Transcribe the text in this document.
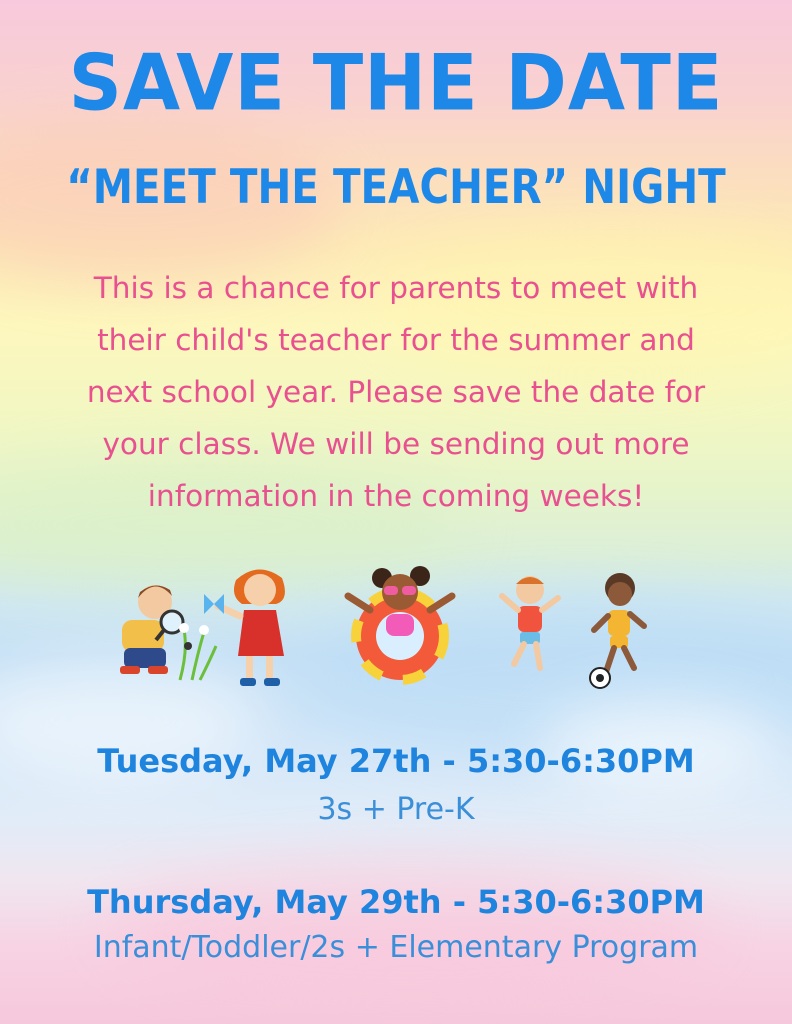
SAVE THE DATE
“MEET THE TEACHER” NIGHT
This is a chance for parents to meet with
their child's teacher for the summer and
next school year. Please save the date for
your class. We will be sending out more
information in the coming weeks!
Tuesday, May 27th - 5:30-6:30PM
3s + Pre-K
Thursday, May 29th - 5:30-6:30PM
Infant/Toddler/2s + Elementary Program
